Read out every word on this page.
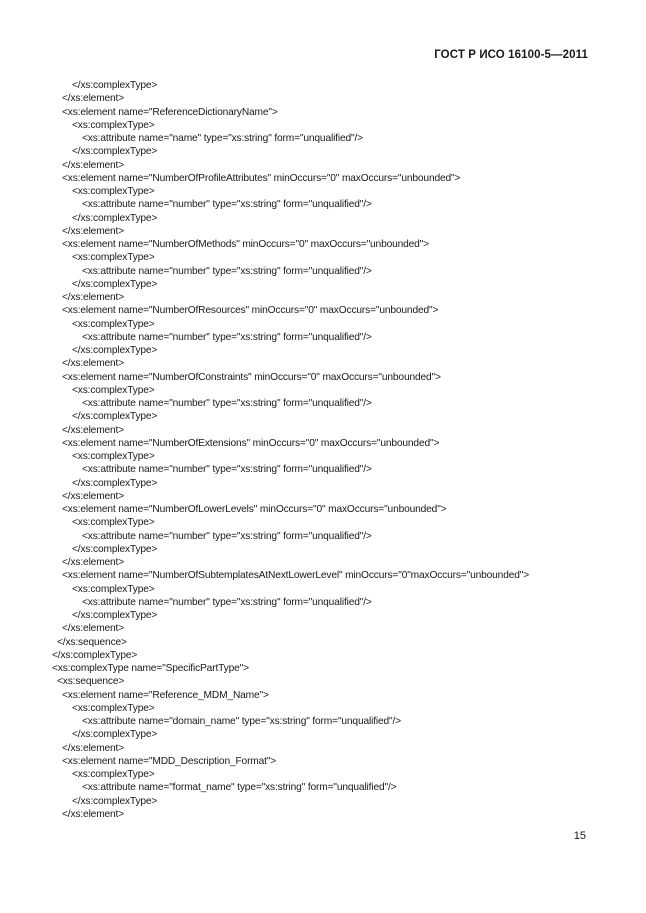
ГОСТ Р ИСО 16100-5—2011
</xs:complexType>
</xs:element>
<xs:element name="ReferenceDictionaryName">
<xs:complexType>
<xs:attribute name="name" type="xs:string" form="unqualified"/>
</xs:complexType>
</xs:element>
<xs:element name="NumberOfProfileAttributes" minOccurs="0" maxOccurs="unbounded">
<xs:complexType>
<xs:attribute name="number" type="xs:string" form="unqualified"/>
</xs:complexType>
</xs:element>
<xs:element name="NumberOfMethods" minOccurs="0" maxOccurs="unbounded">
<xs:complexType>
<xs:attribute name="number" type="xs:string" form="unqualified"/>
</xs:complexType>
</xs:element>
<xs:element name="NumberOfResources" minOccurs="0" maxOccurs="unbounded">
<xs:complexType>
<xs:attribute name="number" type="xs:string" form="unqualified"/>
</xs:complexType>
</xs:element>
<xs:element name="NumberOfConstraints" minOccurs="0" maxOccurs="unbounded">
<xs:complexType>
<xs:attribute name="number" type="xs:string" form="unqualified"/>
</xs:complexType>
</xs:element>
<xs:element name="NumberOfExtensions" minOccurs="0" maxOccurs="unbounded">
<xs:complexType>
<xs:attribute name="number" type="xs:string" form="unqualified"/>
</xs:complexType>
</xs:element>
<xs:element name="NumberOfLowerLevels" minOccurs="0" maxOccurs="unbounded">
<xs:complexType>
<xs:attribute name="number" type="xs:string" form="unqualified"/>
</xs:complexType>
</xs:element>
<xs:element name="NumberOfSubtemplatesAtNextLowerLevel" minOccurs="0"maxOccurs="unbounded">
<xs:complexType>
<xs:attribute name="number" type="xs:string" form="unqualified"/>
</xs:complexType>
</xs:element>
</xs:sequence>
</xs:complexType>
<xs:complexType name="SpecificPartType">
<xs:sequence>
<xs:element name="Reference_MDM_Name">
<xs:complexType>
<xs:attribute name="domain_name" type="xs:string" form="unqualified"/>
</xs:complexType>
</xs:element>
<xs:element name="MDD_Description_Format">
<xs:complexType>
<xs:attribute name="format_name" type="xs:string" form="unqualified"/>
</xs:complexType>
</xs:element>
15
